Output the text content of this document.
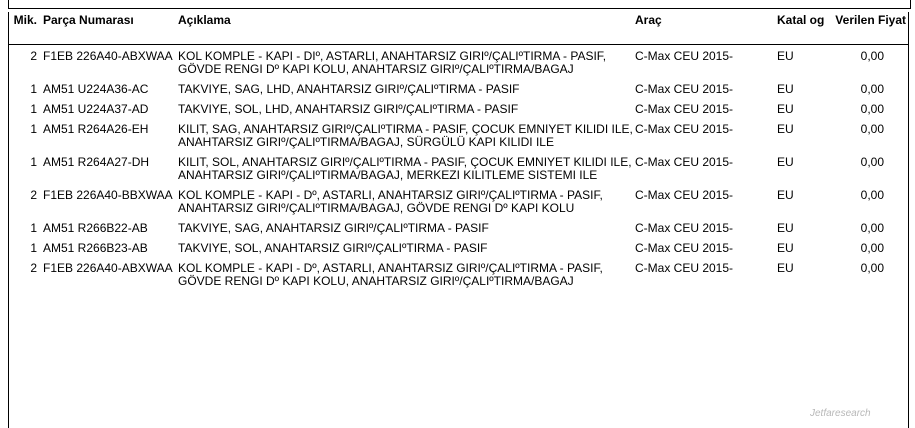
Mik.	Parça Numarası	Açıklama	Araç	Katal og	Verilen Fiyat
2	F1EB 226A40-ABXWAA	KOL KOMPLE - KAPI - DIº, ASTARLI, ANAHTARSIZ GIRIº/ÇALIºTIRMA - PASIF, GÖVDE RENGI Dº KAPI KOLU, ANAHTARSIZ GIRIº/ÇALIºTIRMA/BAGAJ	C-Max CEU 2015-	EU	0,00
1	AM51 U224A36-AC	TAKVIYE, SAG, LHD, ANAHTARSIZ GIRIº/ÇALIºTIRMA - PASIF	C-Max CEU 2015-	EU	0,00
1	AM51 U224A37-AD	TAKVIYE, SOL, LHD, ANAHTARSIZ GIRIº/ÇALIºTIRMA - PASIF	C-Max CEU 2015-	EU	0,00
1	AM51 R264A26-EH	KILIT, SAG, ANAHTARSIZ GIRIº/ÇALIºTIRMA - PASIF, ÇOCUK EMNIYET KILIDI ILE, ANAHTARSIZ GIRIº/ÇALIºTIRMA/BAGAJ, SÜRGÜLÜ KAPI KILIDI ILE	C-Max CEU 2015-	EU	0,00
1	AM51 R264A27-DH	KILIT, SOL, ANAHTARSIZ GIRIº/ÇALIºTIRMA - PASIF, ÇOCUK EMNIYET KILIDI ILE, ANAHTARSIZ GIRIº/ÇALIºTIRMA/BAGAJ, MERKEZI KILITLEME SISTEMI ILE	C-Max CEU 2015-	EU	0,00
2	F1EB 226A40-BBXWAA	KOL KOMPLE - KAPI - Dº, ASTARLI, ANAHTARSIZ GIRIº/ÇALIºTIRMA - PASIF, ANAHTARSIZ GIRIº/ÇALIºTIRMA/BAGAJ, GÖVDE RENGI Dº KAPI KOLU	C-Max CEU 2015-	EU	0,00
1	AM51 R266B22-AB	TAKVIYE, SAG, ANAHTARSIZ GIRIº/ÇALIºTIRMA - PASIF	C-Max CEU 2015-	EU	0,00
1	AM51 R266B23-AB	TAKVIYE, SOL, ANAHTARSIZ GIRIº/ÇALIºTIRMA - PASIF	C-Max CEU 2015-	EU	0,00
2	F1EB 226A40-ABXWAA	KOL KOMPLE - KAPI - Dº, ASTARLI, ANAHTARSIZ GIRIº/ÇALIºTIRMA - PASIF, GÖVDE RENGI Dº KAPI KOLU, ANAHTARSIZ GIRIº/ÇALIºTIRMA/BAGAJ	C-Max CEU 2015-	EU	0,00
Jetfaresearch
